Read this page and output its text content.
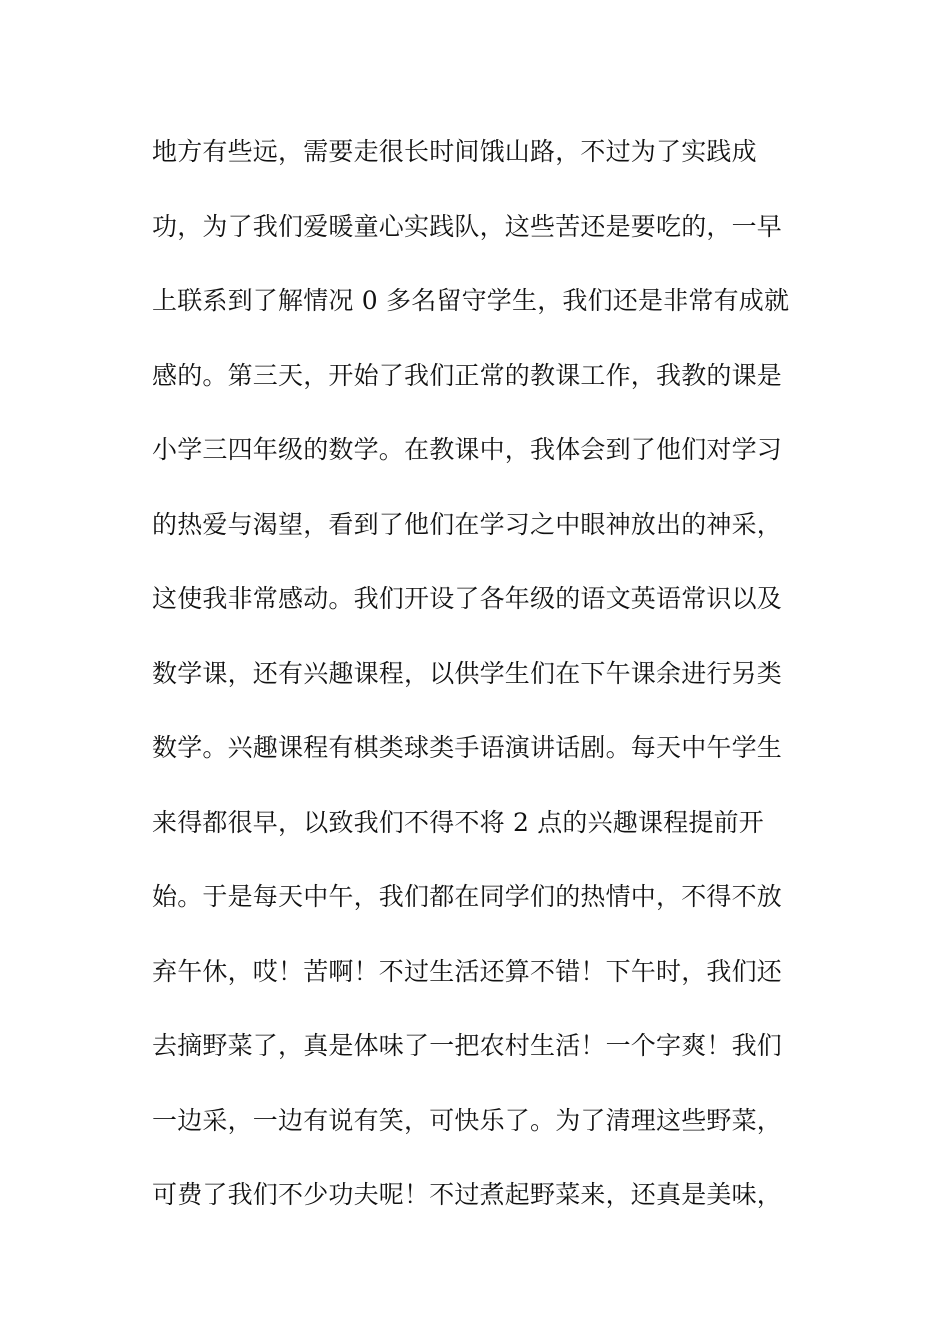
地方有些远，需要走很长时间饿山路，不过为了实践成
功，为了我们爱暖童心实践队，这些苦还是要吃的，一早
上联系到了解情况 0 多名留守学生，我们还是非常有成就
感的。第三天，开始了我们正常的教课工作，我教的课是
小学三四年级的数学。在教课中，我体会到了他们对学习
的热爱与渴望，看到了他们在学习之中眼神放出的神采，
这使我非常感动。我们开设了各年级的语文英语常识以及
数学课，还有兴趣课程，以供学生们在下午课余进行另类
数学。兴趣课程有棋类球类手语演讲话剧。每天中午学生
来得都很早，以致我们不得不将 2 点的兴趣课程提前开
始。于是每天中午，我们都在同学们的热情中，不得不放
弃午休，哎！苦啊！不过生活还算不错！下午时，我们还
去摘野菜了，真是体味了一把农村生活！一个字爽！我们
一边采，一边有说有笑，可快乐了。为了清理这些野菜，
可费了我们不少功夫呢！不过煮起野菜来，还真是美味，
